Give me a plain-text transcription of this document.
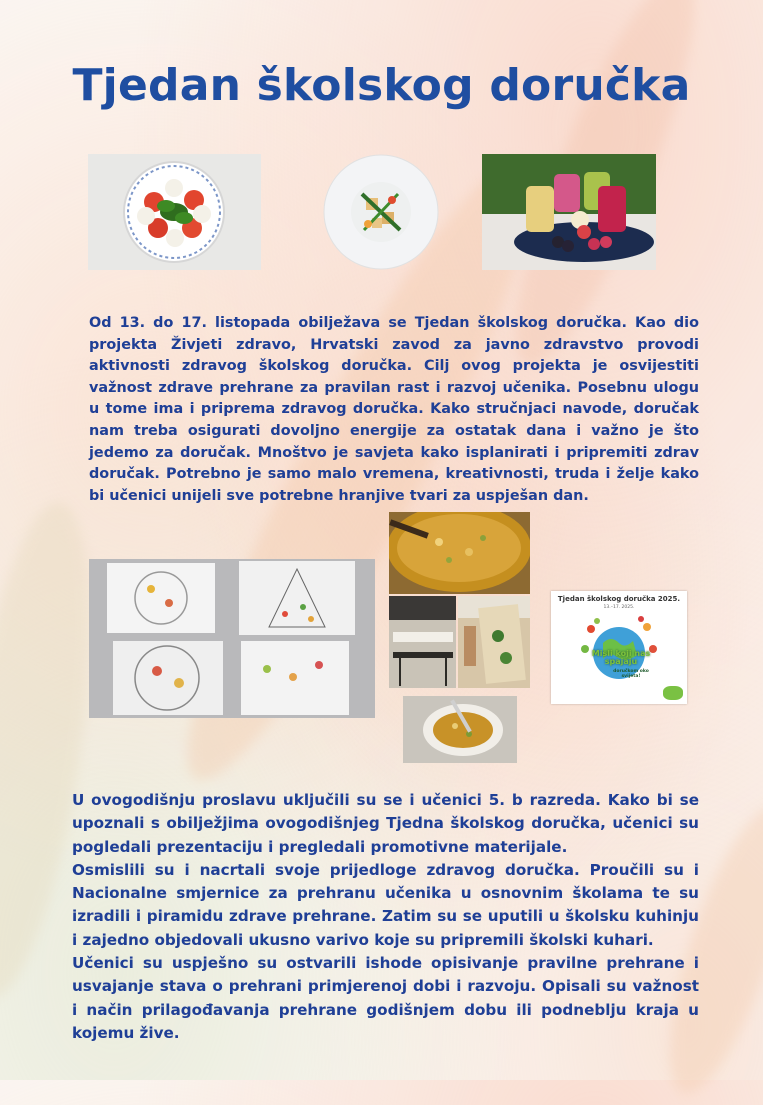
Tjedan školskog doručka

Od 13. do 17. listopada obilježava se Tjedan školskog doručka. Kao dio projekta Živjeti zdravo, Hrvatski zavod za javno zdravstvo provodi aktivnosti zdravog školskog doručka. Cilj ovog projekta je osvijestiti važnost zdrave prehrane za pravilan rast i razvoj učenika. Posebnu ulogu u tome ima i priprema zdravog doručka. Kako stručnjaci navode, doručak nam treba osigurati dovoljno energije za ostatak dana i važno je što jedemo za doručak. Mnoštvo je savjeta kako isplanirati i pripremiti zdrav doručak. Potrebno je samo malo vremena, kreativnosti, truda i želje kako bi učenici unijeli sve potrebne hranjive tvari za uspješan dan.

Tjedan školskog doručka 2025.
13.–17. 2025.
Misli koji nas spajaju
doručkom oko svijeta!

U ovogodišnju proslavu uključili su se i učenici 5. b razreda. Kako bi se upoznali s obilježjima ovogodišnjeg Tjedna školskog doručka, učenici su pogledali prezentaciju i pregledali promotivne materijale.
Osmislili su i nacrtali svoje prijedloge zdravog doručka. Proučili su i Nacionalne smjernice za prehranu učenika u osnovnim školama te su izradili i piramidu zdrave prehrane. Zatim su se uputili u školsku kuhinju i zajedno objedovali ukusno varivo koje su pripremili školski kuhari.
Učenici su uspješno su ostvarili ishode opisivanje pravilne prehrane i usvajanje stava o prehrani primjerenoj dobi i razvoju. Opisali su važnost i način prilagođavanja prehrane godišnjem dobu ili podneblju kraja u kojemu žive.
